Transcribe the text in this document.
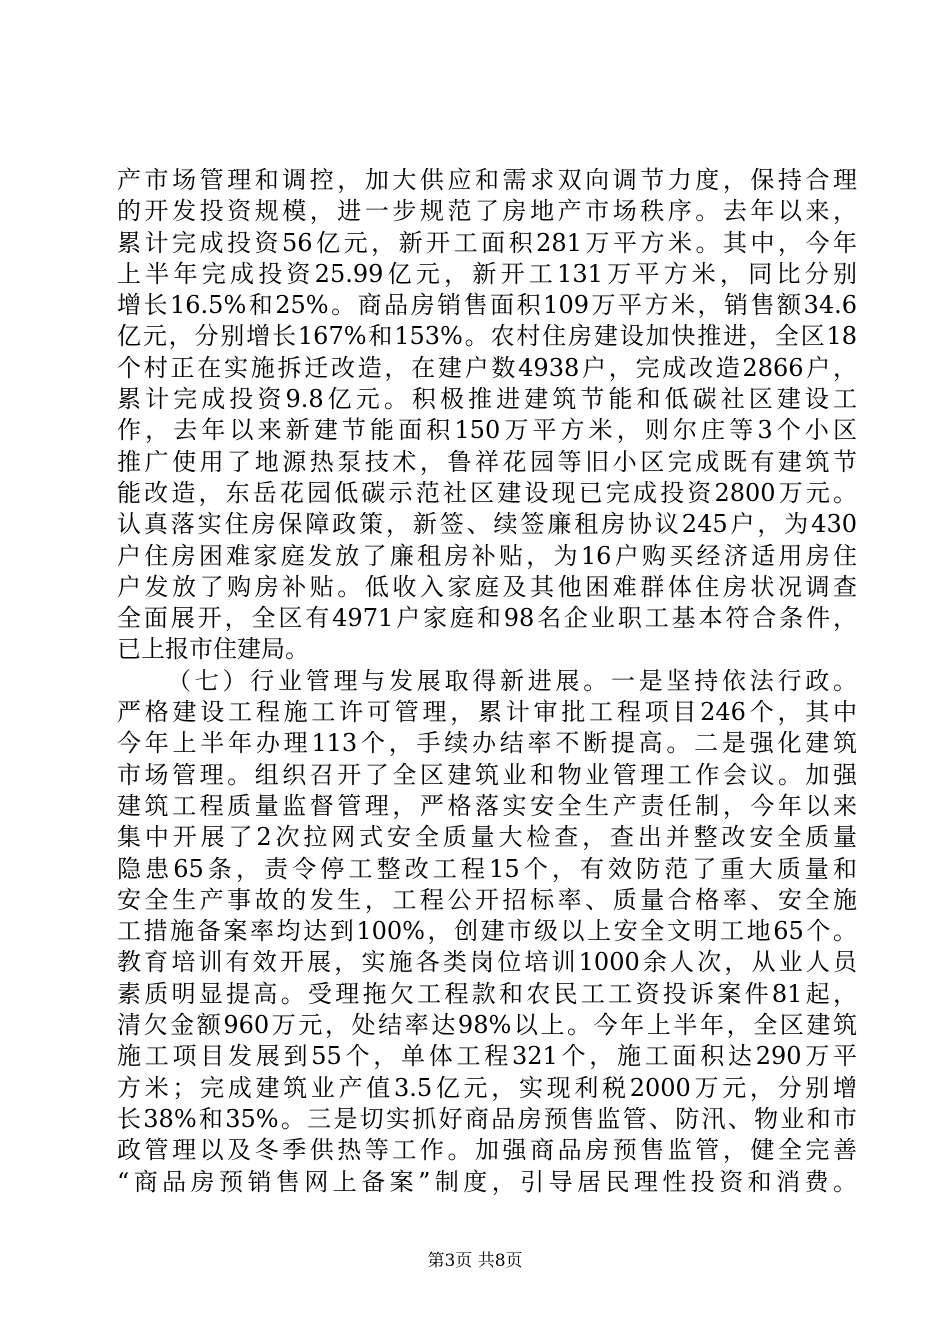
产市场管理和调控，加大供应和需求双向调节力度，保持合理
的开发投资规模，进一步规范了房地产市场秩序。去年以来，
累计完成投资56亿元，新开工面积281万平方米。其中，今年
上半年完成投资25.99亿元，新开工131万平方米，同比分别
增长16.5%和25%。商品房销售面积109万平方米，销售额34.6
亿元，分别增长167%和153%。农村住房建设加快推进，全区18
个村正在实施拆迁改造，在建户数4938户，完成改造2866户，
累计完成投资9.8亿元。积极推进建筑节能和低碳社区建设工
作，去年以来新建节能面积150万平方米，则尔庄等3个小区
推广使用了地源热泵技术，鲁祥花园等旧小区完成既有建筑节
能改造，东岳花园低碳示范社区建设现已完成投资2800万元。
认真落实住房保障政策，新签、续签廉租房协议245户，为430
户住房困难家庭发放了廉租房补贴，为16户购买经济适用房住
户发放了购房补贴。低收入家庭及其他困难群体住房状况调查
全面展开，全区有4971户家庭和98名企业职工基本符合条件，
已上报市住建局。
（七）行业管理与发展取得新进展。一是坚持依法行政。
严格建设工程施工许可管理，累计审批工程项目246个，其中
今年上半年办理113个，手续办结率不断提高。二是强化建筑
市场管理。组织召开了全区建筑业和物业管理工作会议。加强
建筑工程质量监督管理，严格落实安全生产责任制，今年以来
集中开展了2次拉网式安全质量大检查，查出并整改安全质量
隐患65条，责令停工整改工程15个，有效防范了重大质量和
安全生产事故的发生，工程公开招标率、质量合格率、安全施
工措施备案率均达到100%，创建市级以上安全文明工地65个。
教育培训有效开展，实施各类岗位培训1000余人次，从业人员
素质明显提高。受理拖欠工程款和农民工工资投诉案件81起，
清欠金额960万元，处结率达98%以上。今年上半年，全区建筑
施工项目发展到55个，单体工程321个，施工面积达290万平
方米；完成建筑业产值3.5亿元，实现利税2000万元，分别增
长38%和35%。三是切实抓好商品房预售监管、防汛、物业和市
政管理以及冬季供热等工作。加强商品房预售监管，健全完善
“商品房预销售网上备案”制度，引导居民理性投资和消费。
第3页 共8页
